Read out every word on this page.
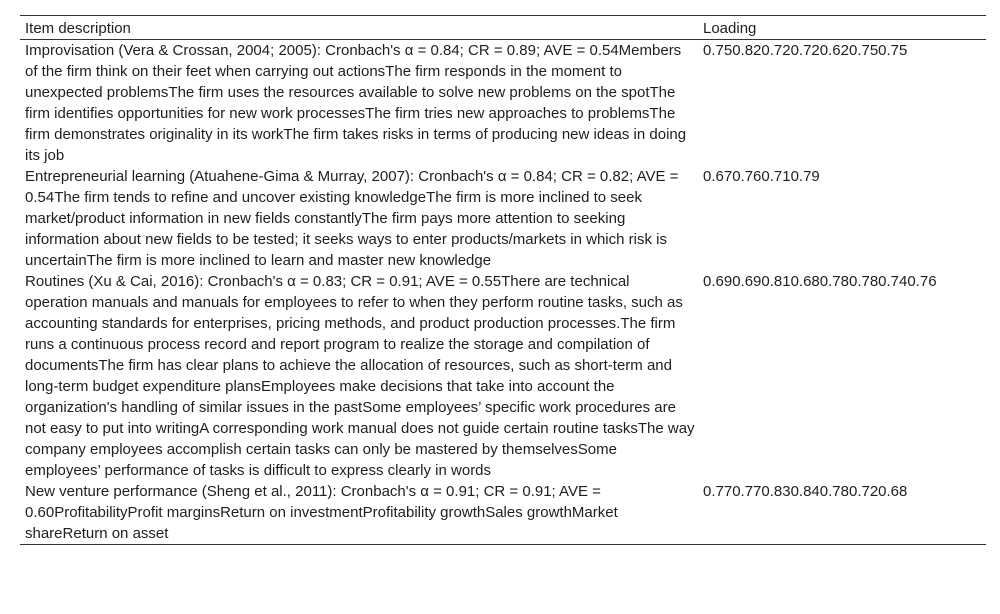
Item description	Loading
Improvisation (Vera & Crossan, 2004; 2005): Cronbach's α = 0.84; CR = 0.89; AVE = 0.54Members of the firm think on their feet when carrying out actionsThe firm responds in the moment to unexpected problemsThe firm uses the resources available to solve new problems on the spotThe firm identifies opportunities for new work processesThe firm tries new approaches to problemsThe firm demonstrates originality in its workThe firm takes risks in terms of producing new ideas in doing its job	0.750.820.720.720.620.750.75
Entrepreneurial learning (Atuahene-Gima & Murray, 2007): Cronbach's α = 0.84; CR = 0.82; AVE = 0.54The firm tends to refine and uncover existing knowledgeThe firm is more inclined to seek market/product information in new fields constantlyThe firm pays more attention to seeking information about new fields to be tested; it seeks ways to enter products/markets in which risk is uncertainThe firm is more inclined to learn and master new knowledge	0.670.760.710.79
Routines (Xu & Cai, 2016): Cronbach's α = 0.83; CR = 0.91; AVE = 0.55There are technical operation manuals and manuals for employees to refer to when they perform routine tasks, such as accounting standards for enterprises, pricing methods, and product production processes.The firm runs a continuous process record and report program to realize the storage and compilation of documentsThe firm has clear plans to achieve the allocation of resources, such as short-term and long-term budget expenditure plansEmployees make decisions that take into account the organization's handling of similar issues in the pastSome employees’ specific work procedures are not easy to put into writingA corresponding work manual does not guide certain routine tasksThe way company employees accomplish certain tasks can only be mastered by themselvesSome employees’ performance of tasks is difficult to express clearly in words	0.690.690.810.680.780.780.740.76
New venture performance (Sheng et al., 2011): Cronbach's α = 0.91; CR = 0.91; AVE = 0.60ProfitabilityProfit marginsReturn on investmentProfitability growthSales growthMarket shareReturn on asset	0.770.770.830.840.780.720.68
